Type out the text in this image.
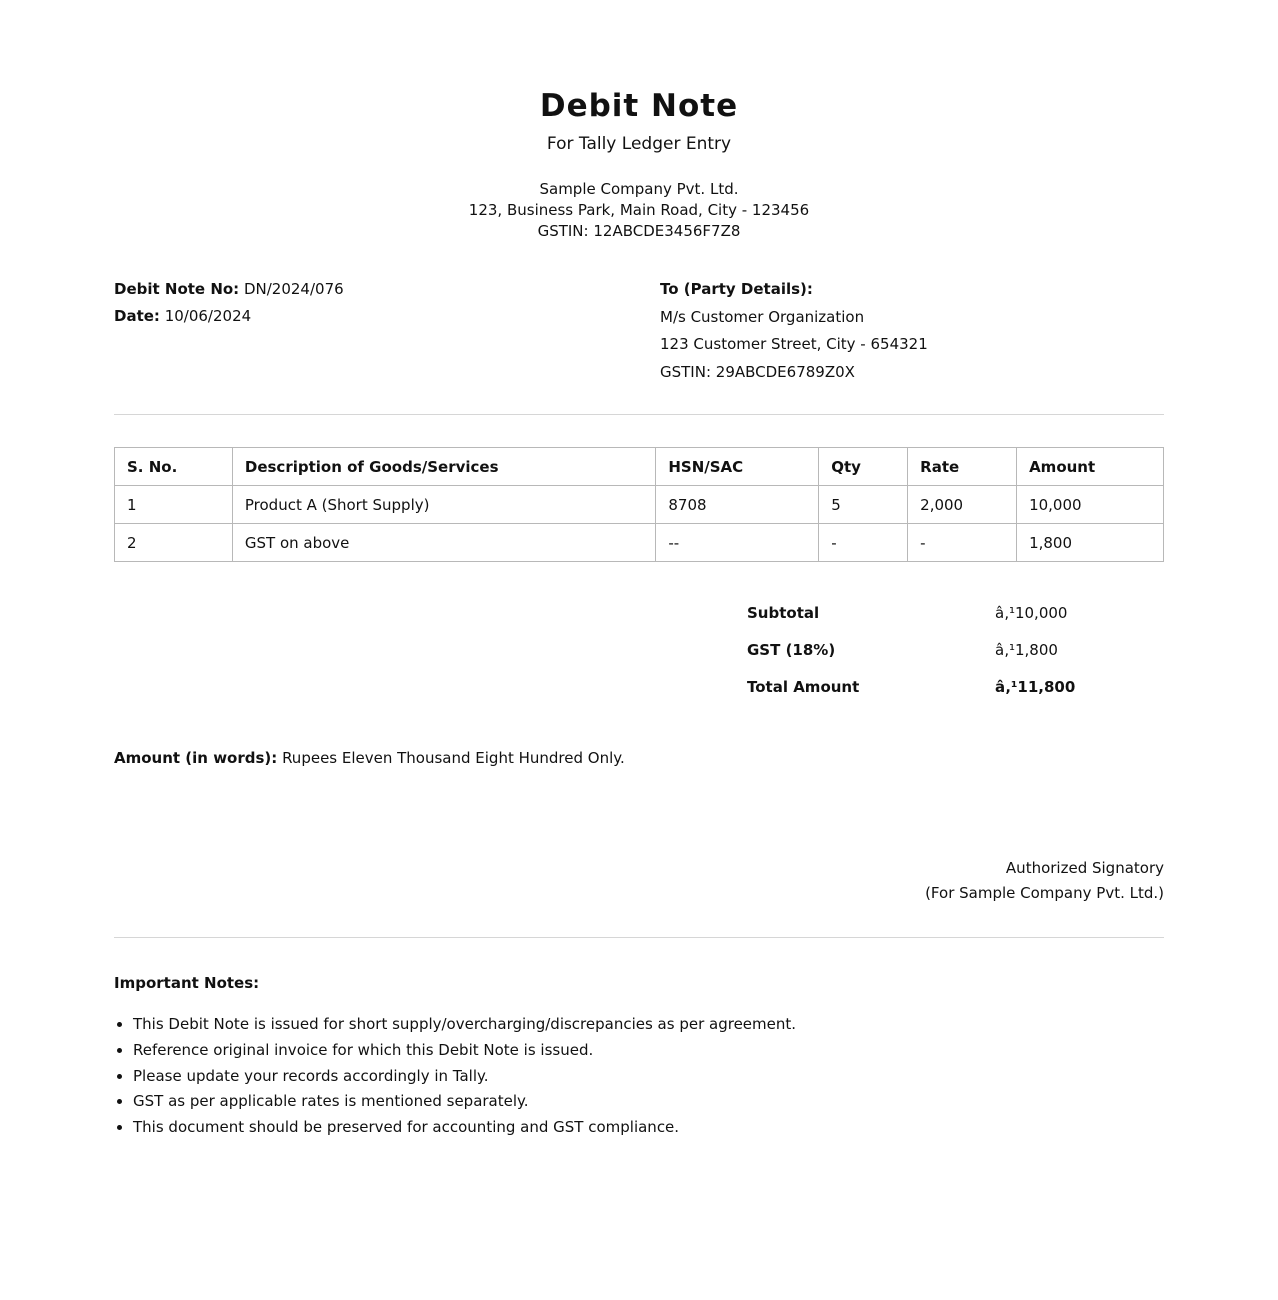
Debit Note
For Tally Ledger Entry
Sample Company Pvt. Ltd.
123, Business Park, Main Road, City - 123456
GSTIN: 12ABCDE3456F7Z8
Debit Note No: DN/2024/076
Date: 10/06/2024
To (Party Details):
M/s Customer Organization
123 Customer Street, City - 654321
GSTIN: 29ABCDE6789Z0X
S. No.	Description of Goods/Services	HSN/SAC	Qty	Rate	Amount
1	Product A (Short Supply)	8708	5	2,000	10,000
2	GST on above	--	-	-	1,800
Subtotal	â‚¹10,000
GST (18%)	â‚¹1,800
Total Amount	â‚¹11,800
Amount (in words): Rupees Eleven Thousand Eight Hundred Only.
Authorized Signatory
(For Sample Company Pvt. Ltd.)
Important Notes:
• This Debit Note is issued for short supply/overcharging/discrepancies as per agreement.
• Reference original invoice for which this Debit Note is issued.
• Please update your records accordingly in Tally.
• GST as per applicable rates is mentioned separately.
• This document should be preserved for accounting and GST compliance.
